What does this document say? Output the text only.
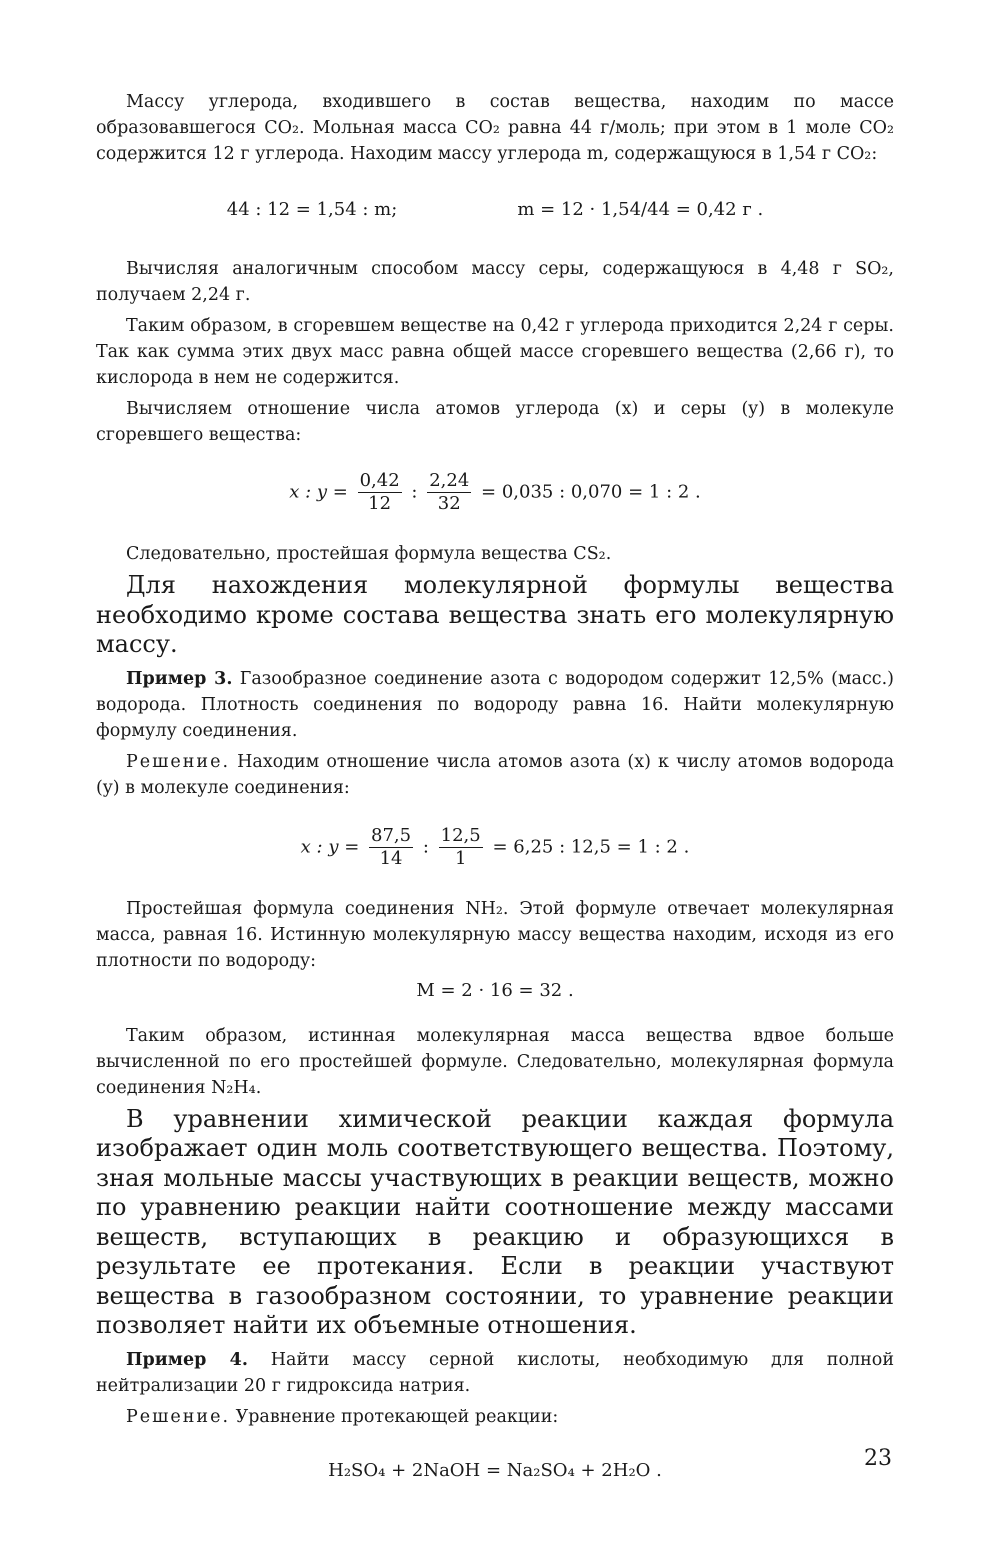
Массу углерода, входившего в состав вещества, находим по массе образовавшегося CO₂. Мольная масса CO₂ равна 44 г/моль; при этом в 1 моле CO₂ содержится 12 г углерода. Находим массу углерода m, содержащуюся в 1,54 г CO₂:

44 : 12 = 1,54 : m;	m = 12 · 1,54/44 = 0,42 г .

Вычисляя аналогичным способом массу серы, содержащуюся в 4,48 г SO₂, получаем 2,24 г.

Таким образом, в сгоревшем веществе на 0,42 г углерода приходится 2,24 г серы. Так как сумма этих двух масс равна общей массе сгоревшего вещества (2,66 г), то кислорода в нем не содержится.

Вычисляем отношение числа атомов углерода (x) и серы (y) в молекуле сгоревшего вещества:

x : $y = \frac{0,42}{12}$ : $\frac{2,24}{32} = 0,035$ : 0,070 = 1 : 2 .

Следовательно, простейшая формула вещества CS₂.

Для нахождения молекулярной формулы вещества необходимо кроме состава вещества знать его молекулярную массу.

Пример 3. Газообразное соединение азота с водородом содержит 12,5% (масс.) водорода. Плотность соединения по водороду равна 16. Найти молекулярную формулу соединения.

Решение. Находим отношение числа атомов азота (x) к числу атомов водорода (y) в молекуле соединения:

x : $y = \frac{87,5}{14}$ : $\frac{12,5}{1} = 6,25$ : 12,5 = 1 : 2 .

Простейшая формула соединения NH₂. Этой формуле отвечает молекулярная масса, равная 16. Истинную молекулярную массу вещества находим, исходя из его плотности по водороду:

M = 2 · 16 = 32 .

Таким образом, истинная молекулярная масса вещества вдвое больше вычисленной по его простейшей формуле. Следовательно, молекулярная формула соединения N₂H₄.

В уравнении химической реакции каждая формула изображает один моль соответствующего вещества. Поэтому, зная мольные массы участвующих в реакции веществ, можно по уравнению реакции найти соотношение между массами веществ, вступающих в реакцию и образующихся в результате ее протекания. Если в реакции участвуют вещества в газообразном состоянии, то уравнение реакции позволяет найти их объемные отношения.

Пример 4. Найти массу серной кислоты, необходимую для полной нейтрализации 20 г гидроксида натрия.

Решение. Уравнение протекающей реакции:

H₂SO₄ + 2NaOH = Na₂SO₄ + 2H₂O .	23
